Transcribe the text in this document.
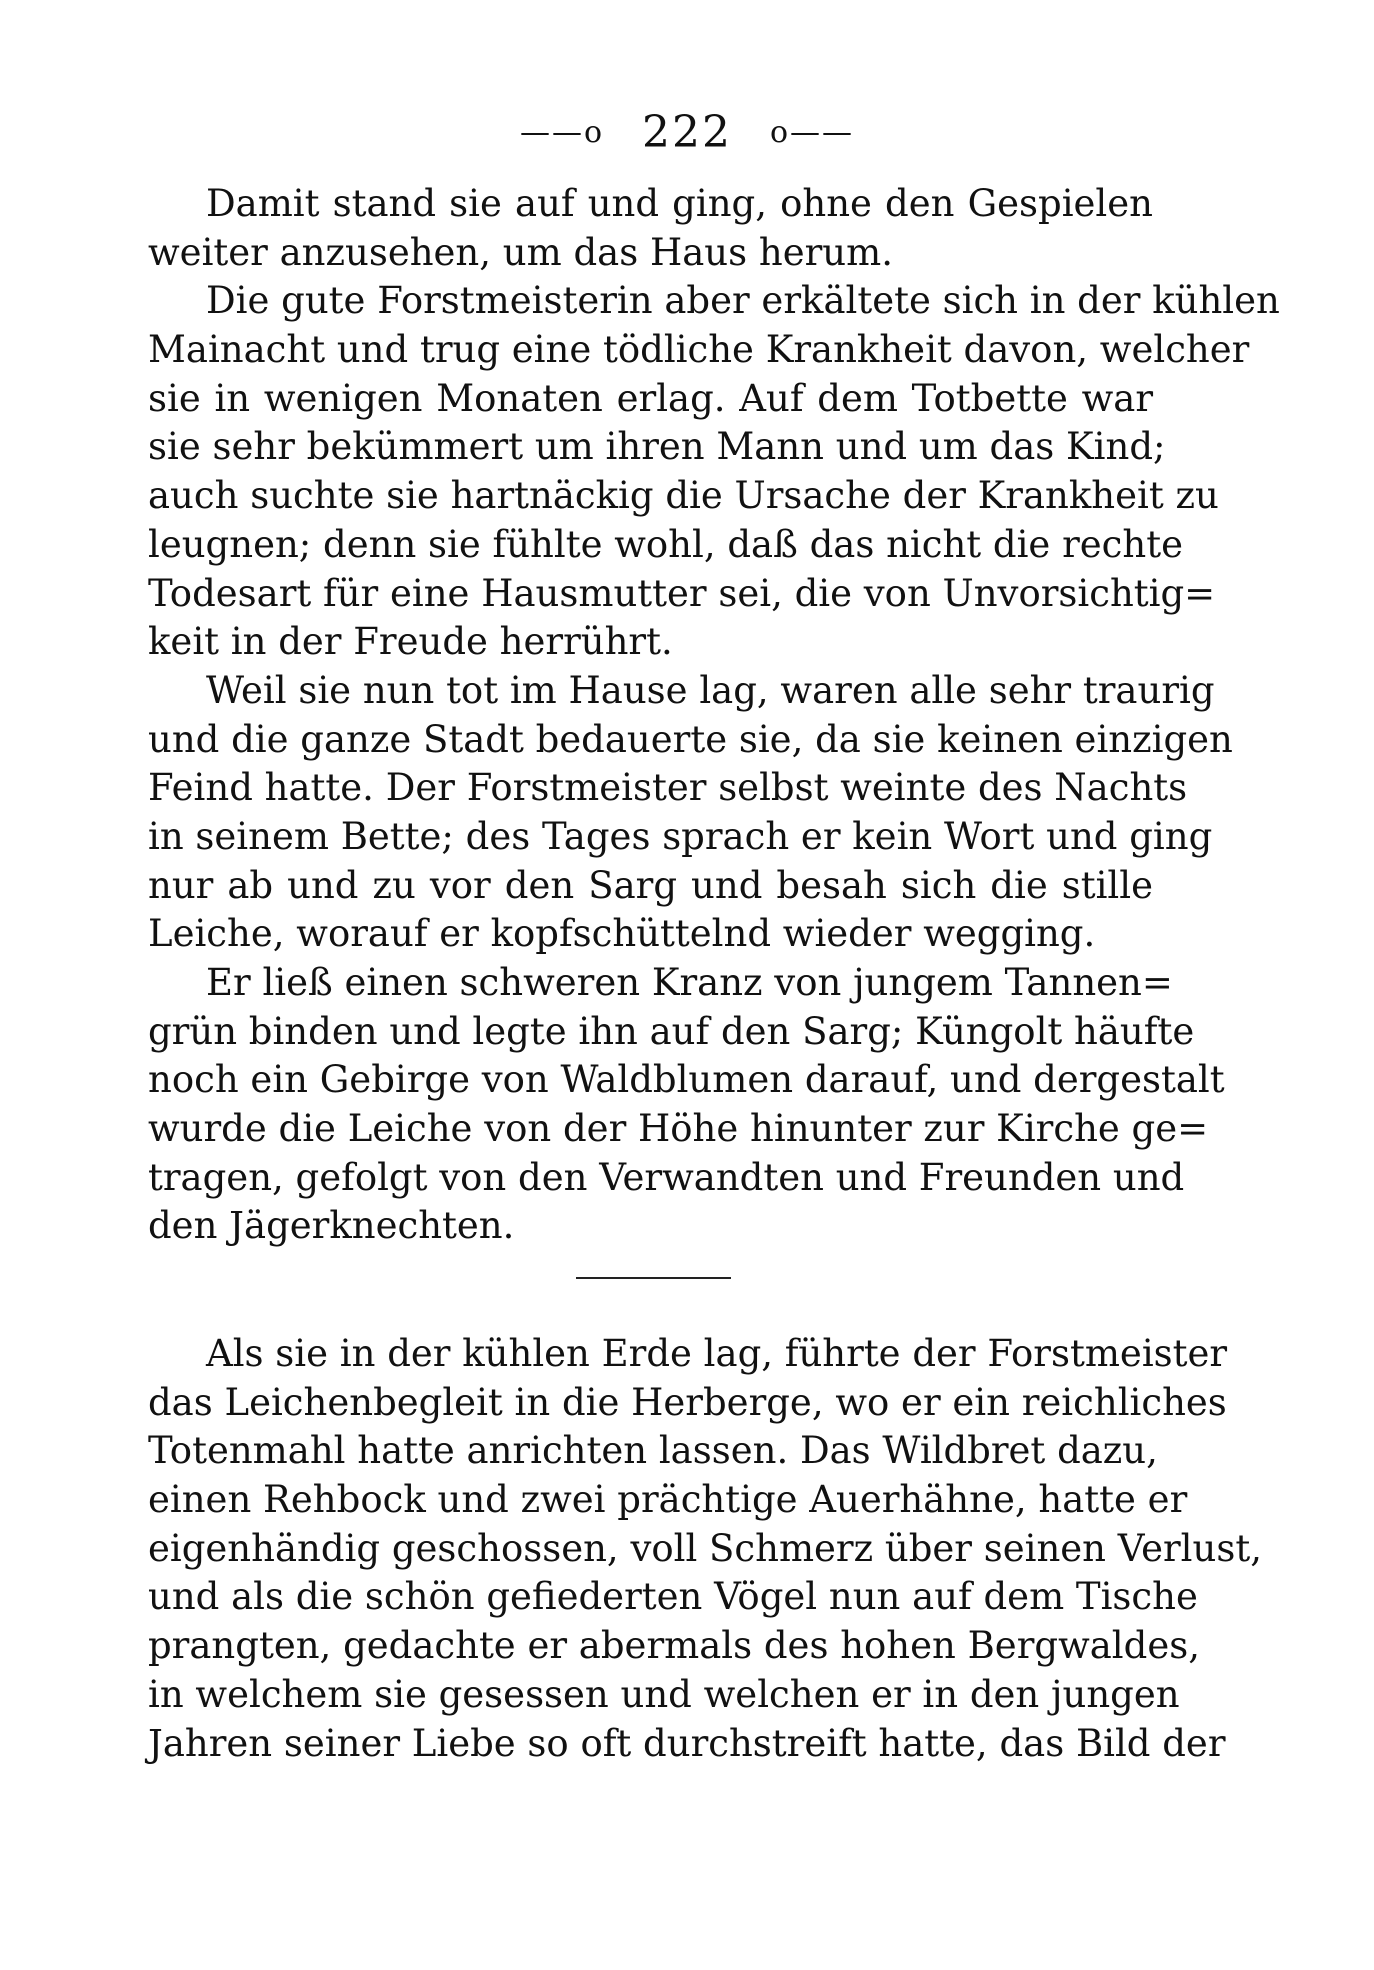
——o 222 o——
Damit stand sie auf und ging, ohne den Gespielen
weiter anzusehen, um das Haus herum.
Die gute Forstmeisterin aber erkältete sich in der kühlen
Mainacht und trug eine tödliche Krankheit davon, welcher
sie in wenigen Monaten erlag. Auf dem Totbette war
sie sehr bekümmert um ihren Mann und um das Kind;
auch suchte sie hartnäckig die Ursache der Krankheit zu
leugnen; denn sie fühlte wohl, daß das nicht die rechte
Todesart für eine Hausmutter sei, die von Unvorsichtig=
keit in der Freude herrührt.
Weil sie nun tot im Hause lag, waren alle sehr traurig
und die ganze Stadt bedauerte sie, da sie keinen einzigen
Feind hatte. Der Forstmeister selbst weinte des Nachts
in seinem Bette; des Tages sprach er kein Wort und ging
nur ab und zu vor den Sarg und besah sich die stille
Leiche, worauf er kopfschüttelnd wieder wegging.
Er ließ einen schweren Kranz von jungem Tannen=
grün binden und legte ihn auf den Sarg; Küngolt häufte
noch ein Gebirge von Waldblumen darauf, und dergestalt
wurde die Leiche von der Höhe hinunter zur Kirche ge=
tragen, gefolgt von den Verwandten und Freunden und
den Jägerknechten.
Als sie in der kühlen Erde lag, führte der Forstmeister
das Leichenbegleit in die Herberge, wo er ein reichliches
Totenmahl hatte anrichten lassen. Das Wildbret dazu,
einen Rehbock und zwei prächtige Auerhähne, hatte er
eigenhändig geschossen, voll Schmerz über seinen Verlust,
und als die schön gefiederten Vögel nun auf dem Tische
prangten, gedachte er abermals des hohen Bergwaldes,
in welchem sie gesessen und welchen er in den jungen
Jahren seiner Liebe so oft durchstreift hatte, das Bild der
